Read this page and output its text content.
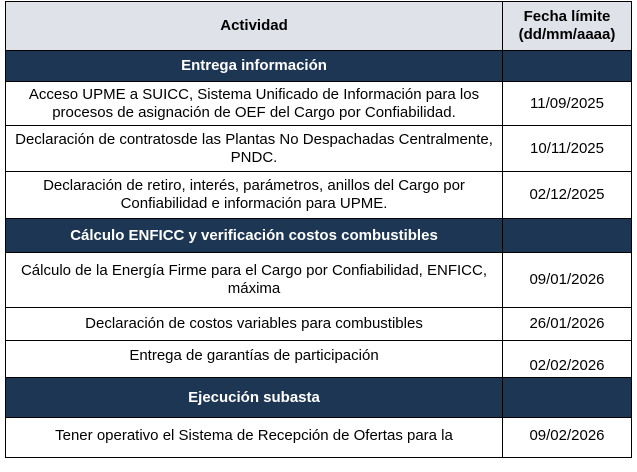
Actividad	Fecha límite
(dd/mm/aaaa)

Entrega información	
Acceso UPME a SUICC, Sistema Unificado de Información para los procesos de asignación de OEF del Cargo por Confiabilidad.	11/09/2025
Declaración de contratosde las Plantas No Despachadas Centralmente, PNDC.	10/11/2025
Declaración de retiro, interés, parámetros, anillos del Cargo por Confiabilidad e información para UPME.	02/12/2025
Cálculo ENFICC y verificación costos combustibles	
Cálculo de la Energía Firme para el Cargo por Confiabilidad, ENFICC, máxima	09/01/2026
Declaración de costos variables para combustibles	26/01/2026
Entrega de garantías de participación	02/02/2026
Ejecución subasta	
Tener operativo el Sistema de Recepción de Ofertas para la	09/02/2026
